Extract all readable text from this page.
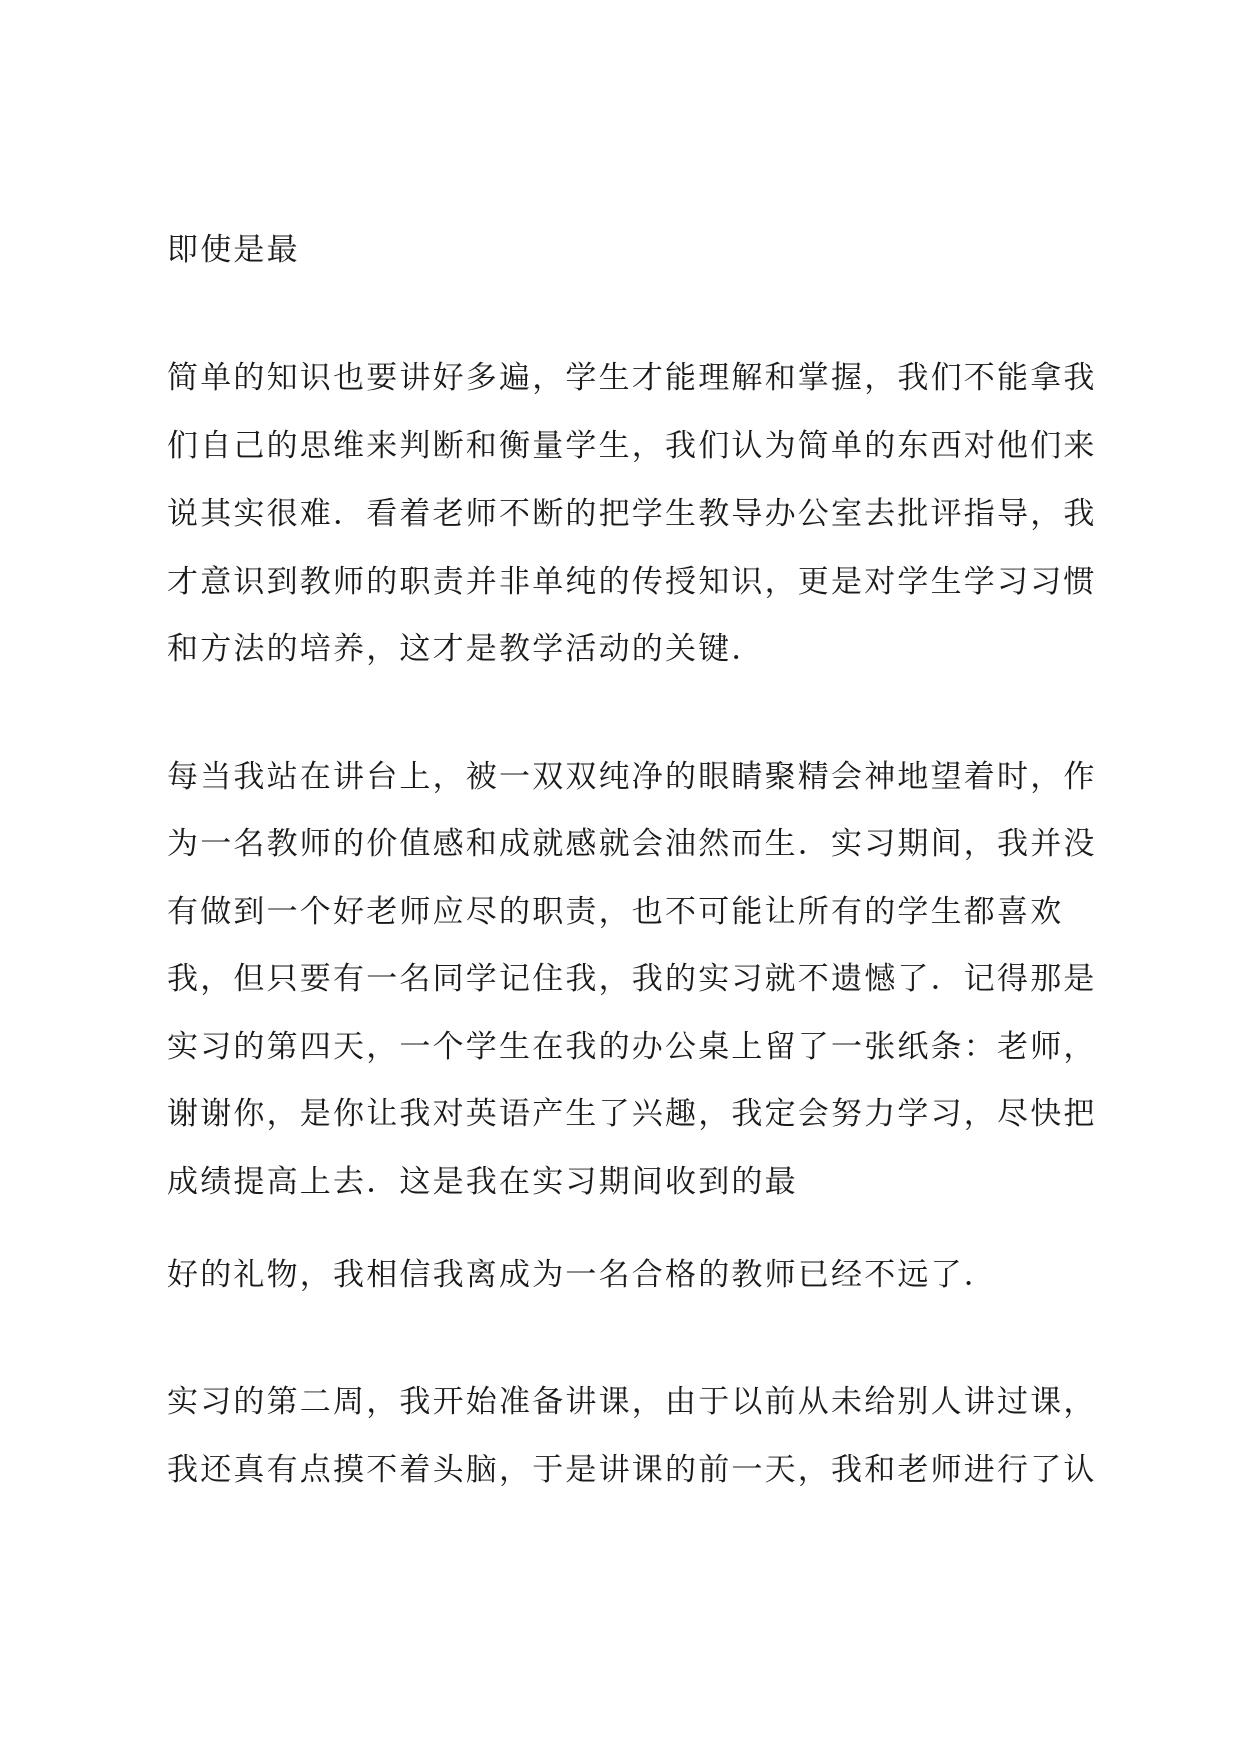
即使是最

简单的知识也要讲好多遍，学生才能理解和掌握，我们不能拿我

们自己的思维来判断和衡量学生，我们认为简单的东西对他们来

说其实很难．看着老师不断的把学生教导办公室去批评指导，我

才意识到教师的职责并非单纯的传授知识，更是对学生学习习惯

和方法的培养，这才是教学活动的关键．

每当我站在讲台上，被一双双纯净的眼睛聚精会神地望着时，作

为一名教师的价值感和成就感就会油然而生．实习期间，我并没

有做到一个好老师应尽的职责，也不可能让所有的学生都喜欢

我，但只要有一名同学记住我，我的实习就不遗憾了．记得那是

实习的第四天，一个学生在我的办公桌上留了一张纸条：老师，

谢谢你，是你让我对英语产生了兴趣，我定会努力学习，尽快把

成绩提高上去．这是我在实习期间收到的最

好的礼物，我相信我离成为一名合格的教师已经不远了．

实习的第二周，我开始准备讲课，由于以前从未给别人讲过课，

我还真有点摸不着头脑，于是讲课的前一天，我和老师进行了认
